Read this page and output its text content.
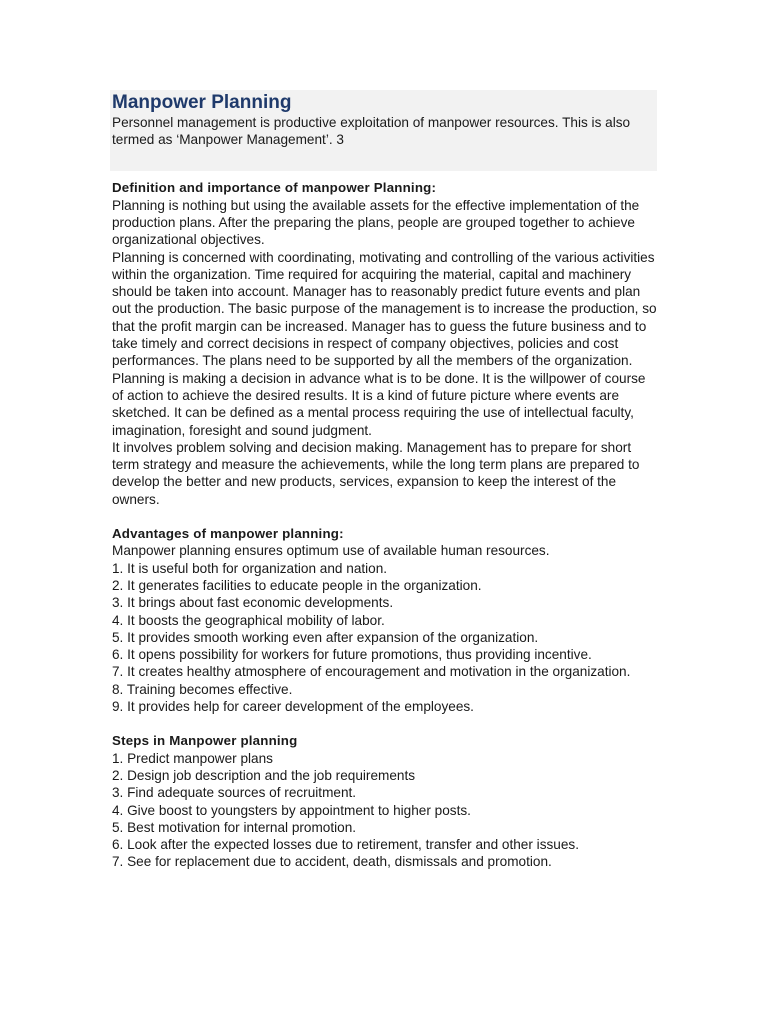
Manpower Planning

Personnel management is productive exploitation of manpower resources. This is also termed as ‘Manpower Management’. 3

Definition and importance of manpower Planning:

Planning is nothing but using the available assets for the effective implementation of the production plans. After the preparing the plans, people are grouped together to achieve organizational objectives.

Planning is concerned with coordinating, motivating and controlling of the various activities within the organization. Time required for acquiring the material, capital and machinery should be taken into account. Manager has to reasonably predict future events and plan out the production. The basic purpose of the management is to increase the production, so that the profit margin can be increased. Manager has to guess the future business and to take timely and correct decisions in respect of company objectives, policies and cost performances. The plans need to be supported by all the members of the organization. Planning is making a decision in advance what is to be done. It is the willpower of course of action to achieve the desired results. It is a kind of future picture where events are sketched. It can be defined as a mental process requiring the use of intellectual faculty, imagination, foresight and sound judgment.

It involves problem solving and decision making. Management has to prepare for short term strategy and measure the achievements, while the long term plans are prepared to develop the better and new products, services, expansion to keep the interest of the owners.

Advantages of manpower planning:

Manpower planning ensures optimum use of available human resources.

1. It is useful both for organization and nation.
2. It generates facilities to educate people in the organization.
3. It brings about fast economic developments.
4. It boosts the geographical mobility of labor.
5. It provides smooth working even after expansion of the organization.
6. It opens possibility for workers for future promotions, thus providing incentive.
7. It creates healthy atmosphere of encouragement and motivation in the organization.
8. Training becomes effective.
9. It provides help for career development of the employees.

Steps in Manpower planning

1. Predict manpower plans
2. Design job description and the job requirements
3. Find adequate sources of recruitment.
4. Give boost to youngsters by appointment to higher posts.
5. Best motivation for internal promotion.
6. Look after the expected losses due to retirement, transfer and other issues.
7. See for replacement due to accident, death, dismissals and promotion.
